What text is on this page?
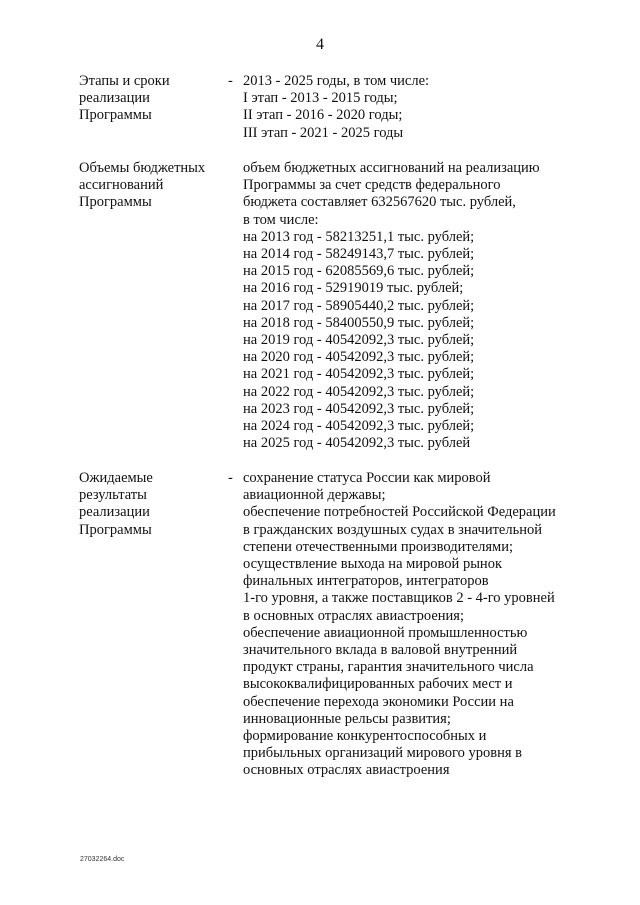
4
Этапы и сроки
реализации
Программы
- 2013 - 2025 годы, в том числе:
I этап - 2013 - 2015 годы;
II этап - 2016 - 2020 годы;
III этап - 2021 - 2025 годы
Объемы бюджетных
ассигнований
Программы
объем бюджетных ассигнований на реализацию
Программы за счет средств федерального
бюджета составляет 632567620 тыс. рублей,
в том числе:
на 2013 год - 58213251,1 тыс. рублей;
на 2014 год - 58249143,7 тыс. рублей;
на 2015 год - 62085569,6 тыс. рублей;
на 2016 год - 52919019 тыс. рублей;
на 2017 год - 58905440,2 тыс. рублей;
на 2018 год - 58400550,9 тыс. рублей;
на 2019 год - 40542092,3 тыс. рублей;
на 2020 год - 40542092,3 тыс. рублей;
на 2021 год - 40542092,3 тыс. рублей;
на 2022 год - 40542092,3 тыс. рублей;
на 2023 год - 40542092,3 тыс. рублей;
на 2024 год - 40542092,3 тыс. рублей;
на 2025 год - 40542092,3 тыс. рублей
Ожидаемые
результаты
реализации
Программы
- сохранение статуса России как мировой
авиационной державы;
обеспечение потребностей Российской Федерации
в гражданских воздушных судах в значительной
степени отечественными производителями;
осуществление выхода на мировой рынок
финальных интеграторов, интеграторов
1-го уровня, а также поставщиков 2 - 4-го уровней
в основных отраслях авиастроения;
обеспечение авиационной промышленностью
значительного вклада в валовой внутренний
продукт страны, гарантия значительного числа
высококвалифицированных рабочих мест и
обеспечение перехода экономики России на
инновационные рельсы развития;
формирование конкурентоспособных и
прибыльных организаций мирового уровня в
основных отраслях авиастроения
27032264.doc
